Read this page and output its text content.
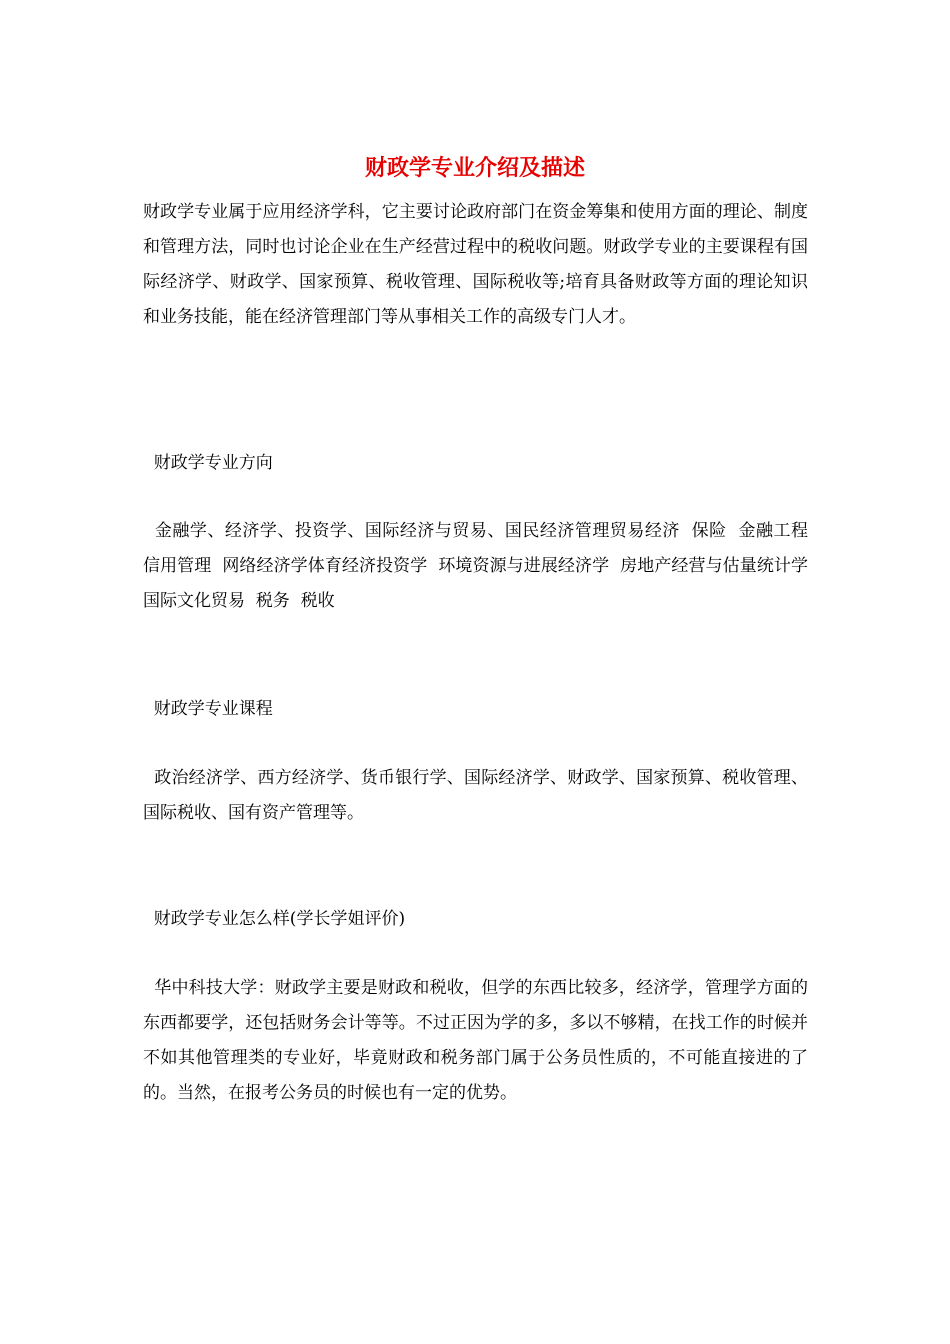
财政学专业介绍及描述

财政学专业属于应用经济学科，它主要讨论政府部门在资金筹集和使用方面的理论、制度和管理方法，同时也讨论企业在生产经营过程中的税收问题。财政学专业的主要课程有国际经济学、财政学、国家预算、税收管理、国际税收等;培育具备财政等方面的理论知识和业务技能，能在经济管理部门等从事相关工作的高级专门人才。

财政学专业方向

金融学、经济学、投资学、国际经济与贸易、国民经济管理贸易经济  保险  金融工程  信用管理  网络经济学体育经济投资学  环境资源与进展经济学  房地产经营与估量统计学国际文化贸易  税务  税收

财政学专业课程

政治经济学、西方经济学、货币银行学、国际经济学、财政学、国家预算、税收管理、国际税收、国有资产管理等。

财政学专业怎么样(学长学姐评价)

华中科技大学：财政学主要是财政和税收，但学的东西比较多，经济学，管理学方面的东西都要学，还包括财务会计等等。不过正因为学的多，多以不够精，在找工作的时候并不如其他管理类的专业好，毕竟财政和税务部门属于公务员性质的，不可能直接进的了的。当然，在报考公务员的时候也有一定的优势。
